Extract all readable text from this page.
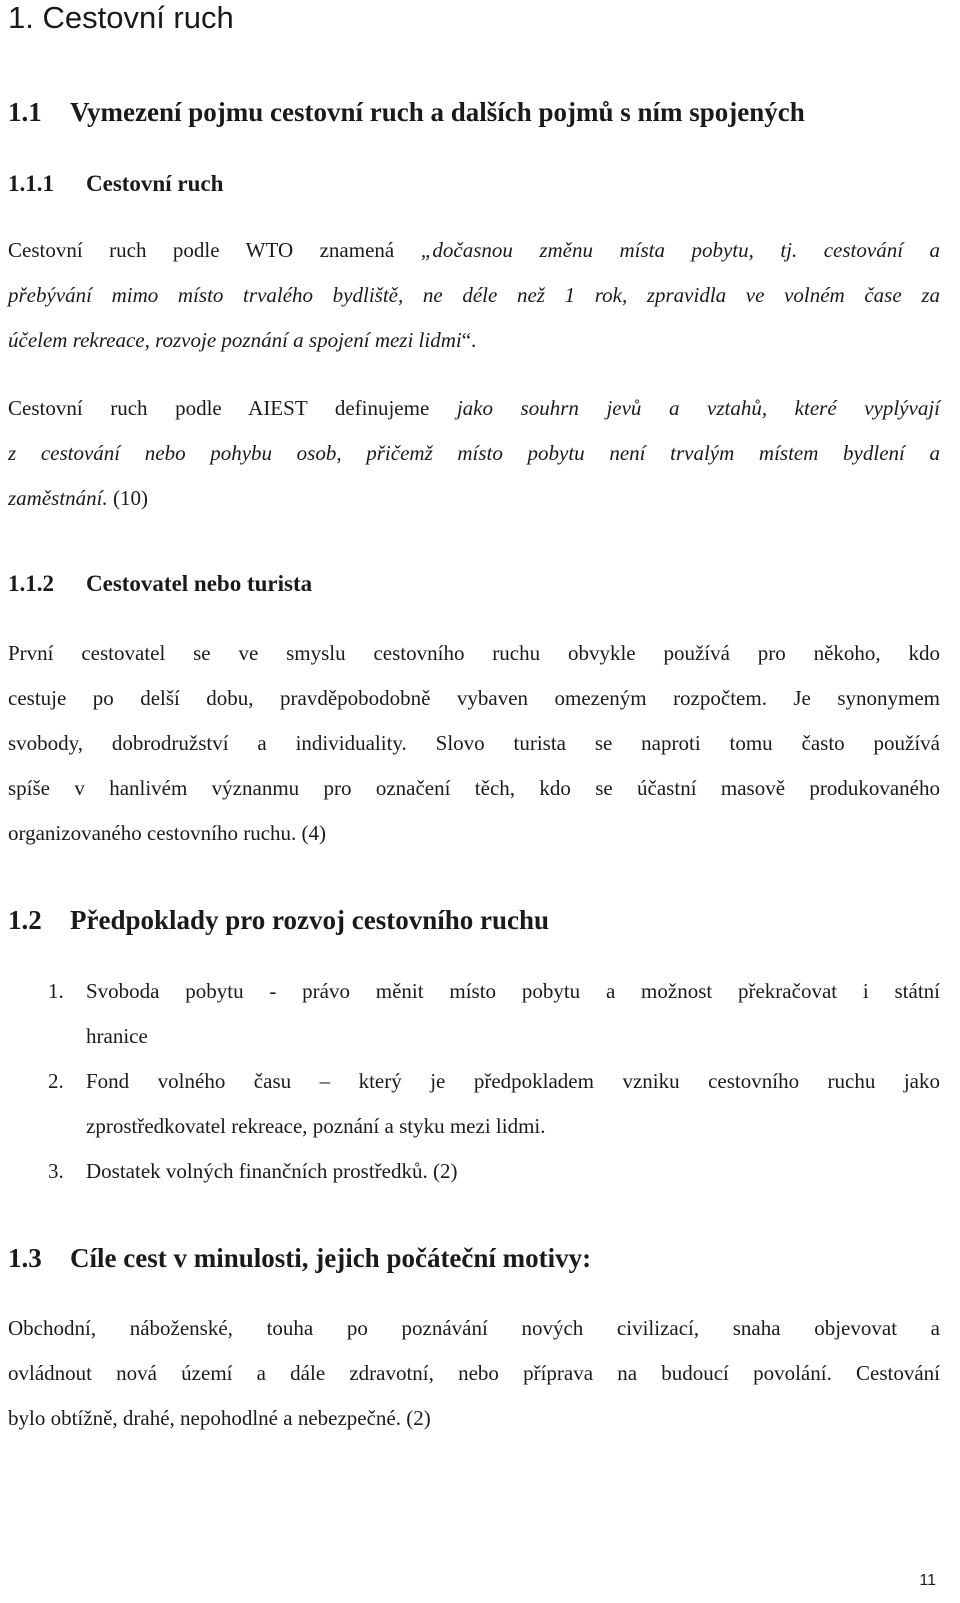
1. Cestovní ruch
1.1 Vymezení pojmu cestovní ruch a dalších pojmů s ním spojených
1.1.1 Cestovní ruch
Cestovní ruch podle WTO znamená „dočasnou změnu místa pobytu, tj. cestování a
přebývání mimo místo trvalého bydliště, ne déle než 1 rok, zpravidla ve volném čase za
účelem rekreace, rozvoje poznání a spojení mezi lidmi“.
Cestovní ruch podle AIEST definujeme jako souhrn jevů a vztahů, které vyplývají
z cestování nebo pohybu osob, přičemž místo pobytu není trvalým místem bydlení a
zaměstnání. (10)
1.1.2 Cestovatel nebo turista
První cestovatel se ve smyslu cestovního ruchu obvykle používá pro někoho, kdo
cestuje po delší dobu, pravděpobodobně vybaven omezeným rozpočtem. Je synonymem
svobody, dobrodružství a individuality. Slovo turista se naproti tomu často používá
spíše v hanlivém význanmu pro označení těch, kdo se účastní masově produkovaného
organizovaného cestovního ruchu. (4)
1.2 Předpoklady pro rozvoj cestovního ruchu
1. Svoboda pobytu - právo měnit místo pobytu a možnost překračovat i státní
hranice
2. Fond volného času – který je předpokladem vzniku cestovního ruchu jako
zprostředkovatel rekreace, poznání a styku mezi lidmi.
3. Dostatek volných finančních prostředků. (2)
1.3 Cíle cest v minulosti, jejich počáteční motivy:
Obchodní, náboženské, touha po poznávání nových civilizací, snaha objevovat a
ovládnout nová území a dále zdravotní, nebo příprava na budoucí povolání. Cestování
bylo obtížně, drahé, nepohodlné a nebezpečné. (2)
11
